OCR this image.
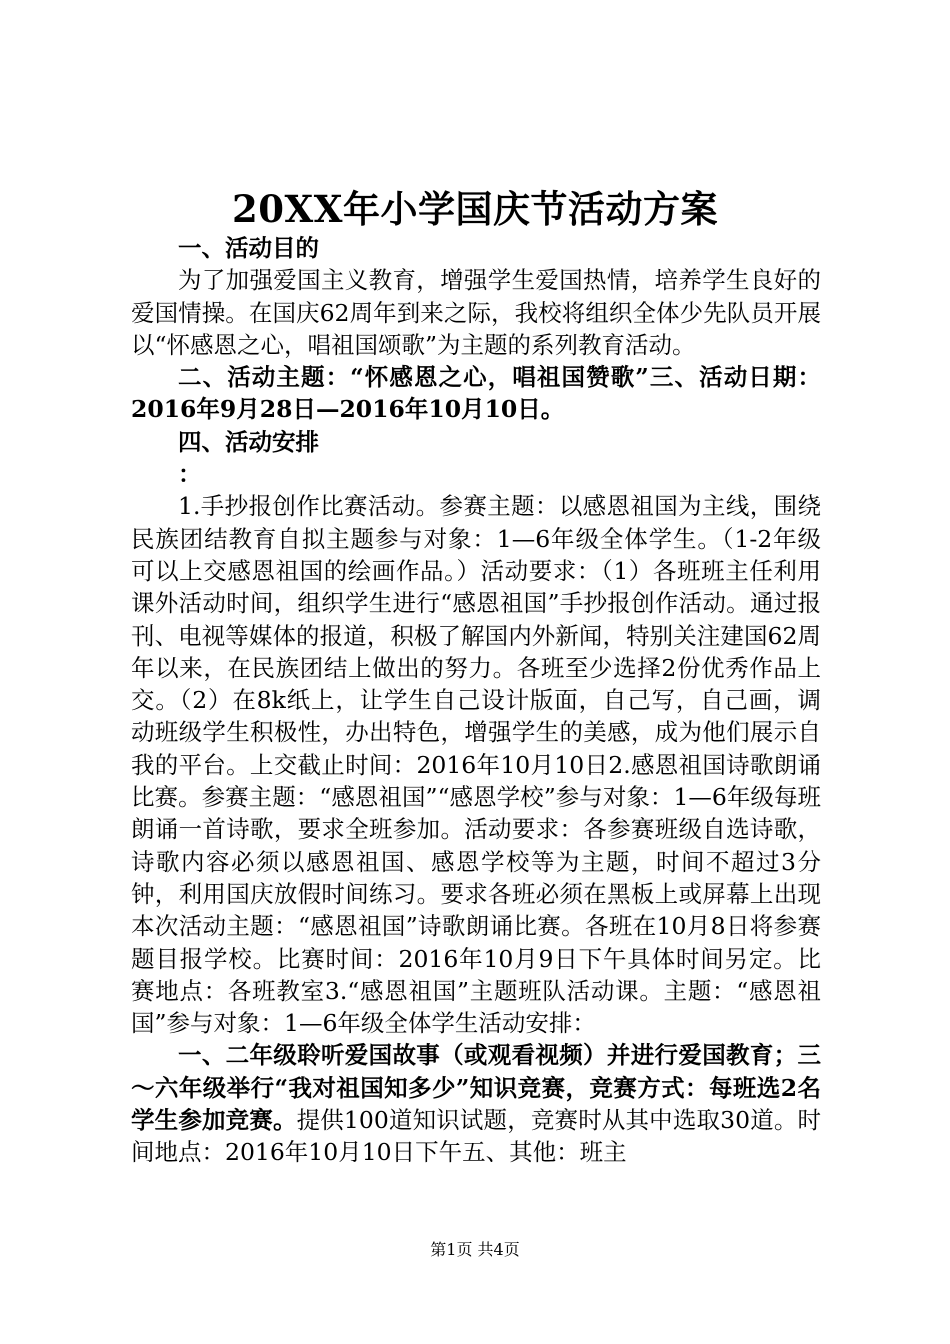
20XX年小学国庆节活动方案

一、活动目的

为了加强爱国主义教育，增强学生爱国热情，培养学生良好的爱国情操。在国庆62周年到来之际，我校将组织全体少先队员开展以“怀感恩之心，唱祖国颂歌”为主题的系列教育活动。

二、活动主题：“怀感恩之心，唱祖国赞歌”三、活动日期：2016年9月28日—2016年10月10日。

四、活动安排

：

1.手抄报创作比赛活动。参赛主题：以感恩祖国为主线，围绕民族团结教育自拟主题参与对象：1—6年级全体学生。（1-2年级可以上交感恩祖国的绘画作品。）活动要求：（1）各班班主任利用课外活动时间，组织学生进行“感恩祖国”手抄报创作活动。通过报刊、电视等媒体的报道，积极了解国内外新闻，特别关注建国62周年以来，在民族团结上做出的努力。各班至少选择2份优秀作品上交。（2）在8k纸上，让学生自己设计版面，自己写，自己画，调动班级学生积极性，办出特色，增强学生的美感，成为他们展示自我的平台。上交截止时间：2016年10月10日2.感恩祖国诗歌朗诵比赛。参赛主题：“感恩祖国”“感恩学校”参与对象：1—6年级每班朗诵一首诗歌，要求全班参加。活动要求：各参赛班级自选诗歌，诗歌内容必须以感恩祖国、感恩学校等为主题，时间不超过3分钟，利用国庆放假时间练习。要求各班必须在黑板上或屏幕上出现本次活动主题：“感恩祖国”诗歌朗诵比赛。各班在10月8日将参赛题目报学校。比赛时间：2016年10月9日下午具体时间另定。比赛地点：各班教室3.“感恩祖国”主题班队活动课。主题：“感恩祖国”参与对象：1—6年级全体学生活动安排：

一、二年级聆听爱国故事（或观看视频）并进行爱国教育；三～六年级举行“我对祖国知多少”知识竞赛，竞赛方式：每班选2名学生参加竞赛。提供100道知识试题，竞赛时从其中选取30道。时间地点：2016年10月10日下午五、其他：班主

第1页 共4页
